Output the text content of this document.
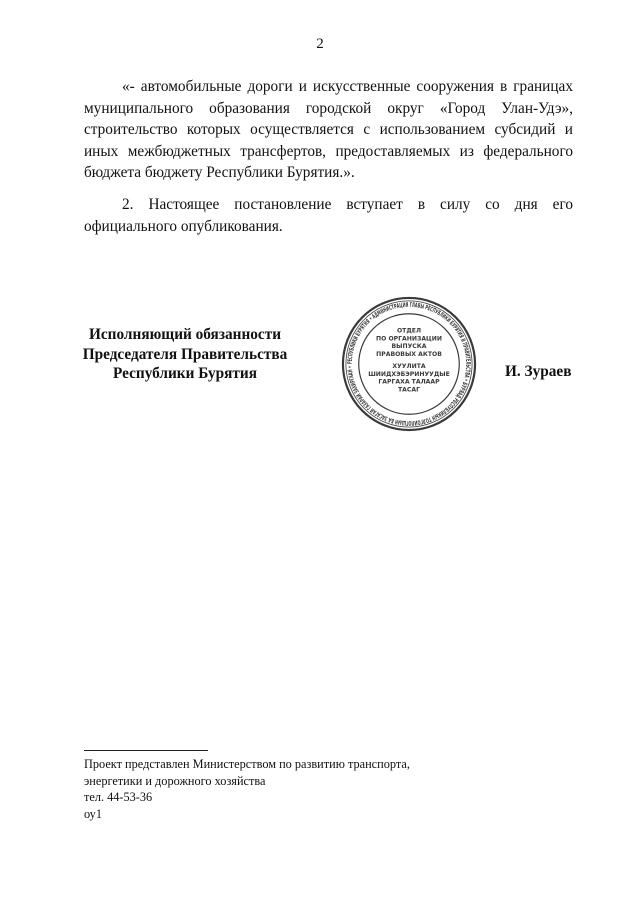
2

«- автомобильные дороги и искусственные сооружения в границах муниципального образования городской округ «Город Улан-Удэ», строительство которых осуществляется с использованием субсидий и иных межбюджетных трансфертов, предоставляемых из федерального бюджета бюджету Республики Бурятия.».

2. Настоящее постановление вступает в силу со дня его официального опубликования.

Исполняющий обязанности
Председателя Правительства
Республики Бурятия	И. Зураев
РЕСПУБЛИКИ БУРЯТИЯ • АДМИНИСТРАЦИЯ ГЛАВЫ РЕСПУБЛИКИ БУРЯТИЯ И ПРАВИТЕЛЬСТВА • БУРЯАД РЕСПУБЛИКЫН ТОЛГОЙЛОГШЫН БА ЗАСАГАЙ ГАЗАРАЙ ЗАХИРГААН •
ОТДЕЛ
ПО ОРГАНИЗАЦИИ
ВЫПУСКА
ПРАВОВЫХ АКТОВ
ХУУЛИТА
ШИИДХЭБЭРИНУУДЫЕ
ГАРГАХА ТАЛААР
ТАСАГ
Проект представлен Министерством по развитию транспорта,
энергетики и дорожного хозяйства
тел. 44-53-36
оу1
